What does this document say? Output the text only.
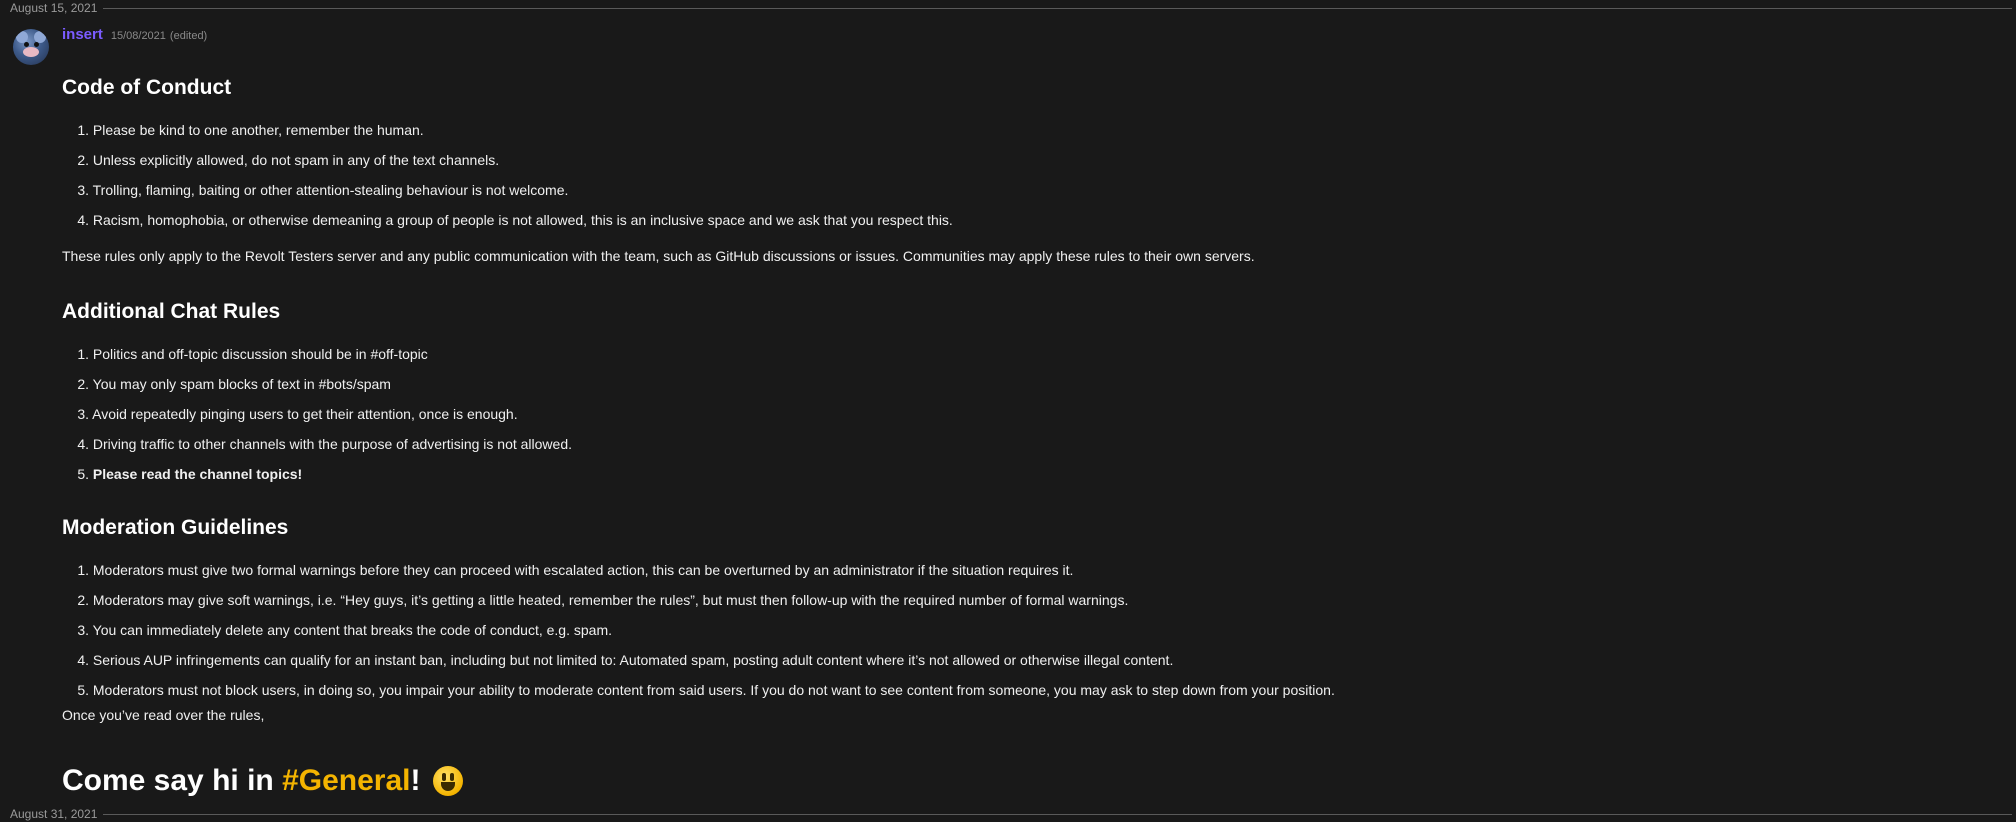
August 15, 2021
insert 15/08/2021 (edited)
Code of Conduct
1 . Please be kind to one another, remember the human.
2 . Unless explicitly allowed, do not spam in any of the text channels.
3 . Trolling, flaming, baiting or other attention-stealing behaviour is not welcome.
4 . Racism, homophobia, or otherwise demeaning a group of people is not allowed, this is an inclusive space and we ask that you respect this.

These rules only apply to the Revolt Testers server and any public communication with the team, such as GitHub discussions or issues. Communities may apply these rules to their own servers.

Additional Chat Rules
1 . Politics and off-topic discussion should be in #off-topic
2 . You may only spam blocks of text in #bots/spam
3 . Avoid repeatedly pinging users to get their attention, once is enough.
4 . Driving traffic to other channels with the purpose of advertising is not allowed.
5 . Please read the channel topics!
Moderation Guidelines
1 . Moderators must give two formal warnings before they can proceed with escalated action, this can be overturned by an administrator if the situation requires it.
2 . Moderators may give soft warnings, i.e. “Hey guys, it’s getting a little heated, remember the rules”, but must then follow-up with the required number of formal warnings.
3 . You can immediately delete any content that breaks the code of conduct, e.g. spam.
4 . Serious AUP infringements can qualify for an instant ban, including but not limited to: Automated spam, posting adult content where it’s not allowed or otherwise illegal content.
5 . Moderators must not block users, in doing so, you impair your ability to moderate content from said users. If you do not want to see content from someone, you may ask to step down from your position.

Once you’ve read over the rules,

Come say hi in #General !
August 31, 2021
